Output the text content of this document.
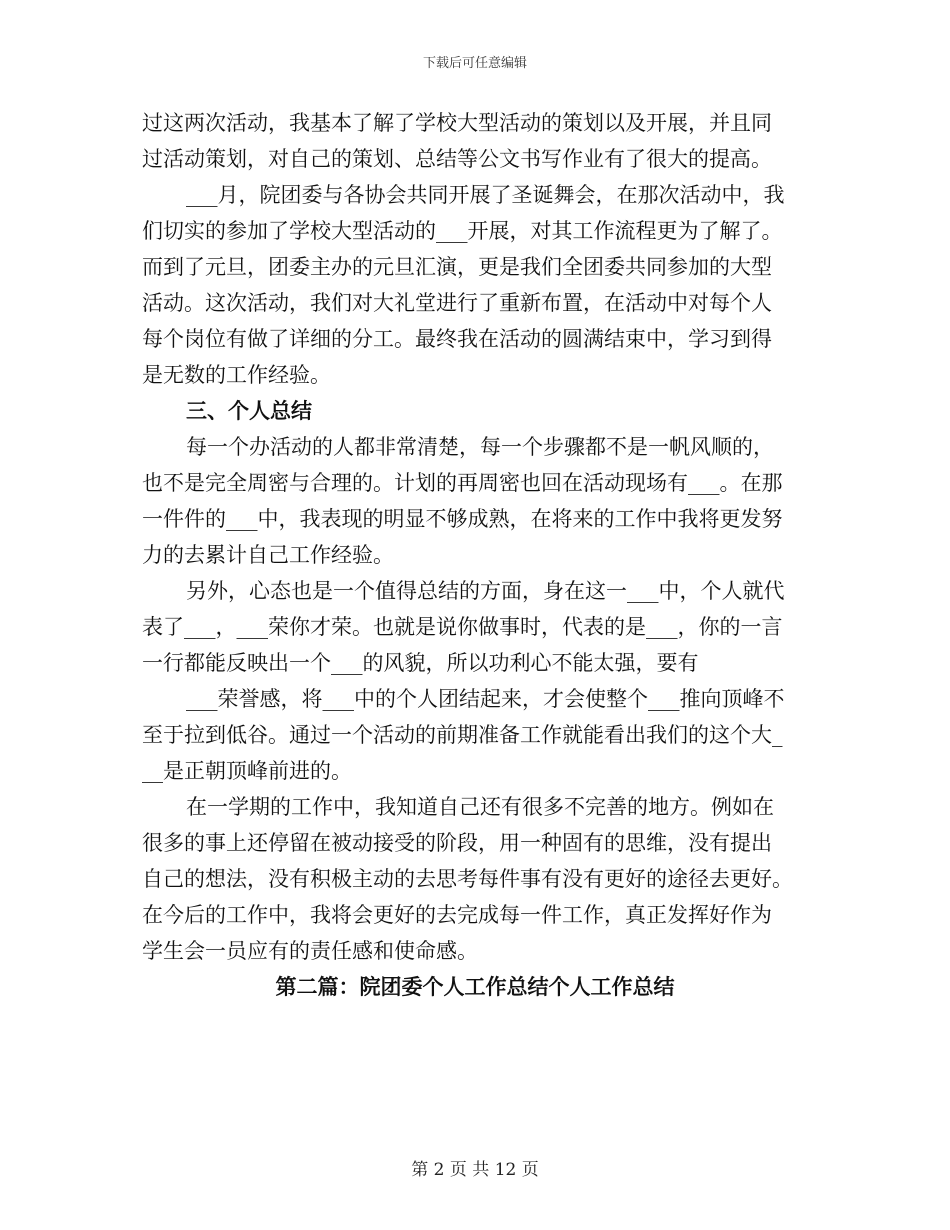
下载后可任意编辑
过这两次活动，我基本了解了学校大型活动的策划以及开展，并且同
过活动策划，对自己的策划、总结等公文书写作业有了很大的提高。
___月，院团委与各协会共同开展了圣诞舞会，在那次活动中，我
们切实的参加了学校大型活动的___开展，对其工作流程更为了解了。
而到了元旦，团委主办的元旦汇演，更是我们全团委共同参加的大型
活动。这次活动，我们对大礼堂进行了重新布置，在活动中对每个人
每个岗位有做了详细的分工。最终我在活动的圆满结束中，学习到得
是无数的工作经验。
三、个人总结
每一个办活动的人都非常清楚，每一个步骤都不是一帆风顺的，
也不是完全周密与合理的。计划的再周密也回在活动现场有___。在那
一件件的___中，我表现的明显不够成熟，在将来的工作中我将更发努
力的去累计自己工作经验。
另外，心态也是一个值得总结的方面，身在这一___中，个人就代
表了___，___荣你才荣。也就是说你做事时，代表的是___，你的一言
一行都能反映出一个___的风貌，所以功利心不能太强，要有
___荣誉感，将___中的个人团结起来，才会使整个___推向顶峰不
至于拉到低谷。通过一个活动的前期准备工作就能看出我们的这个大_
__是正朝顶峰前进的。
在一学期的工作中，我知道自己还有很多不完善的地方。例如在
很多的事上还停留在被动接受的阶段，用一种固有的思维，没有提出
自己的想法，没有积极主动的去思考每件事有没有更好的途径去更好。
在今后的工作中，我将会更好的去完成每一件工作，真正发挥好作为
学生会一员应有的责任感和使命感。
第二篇：院团委个人工作总结个人工作总结
第 2 页 共 12 页
